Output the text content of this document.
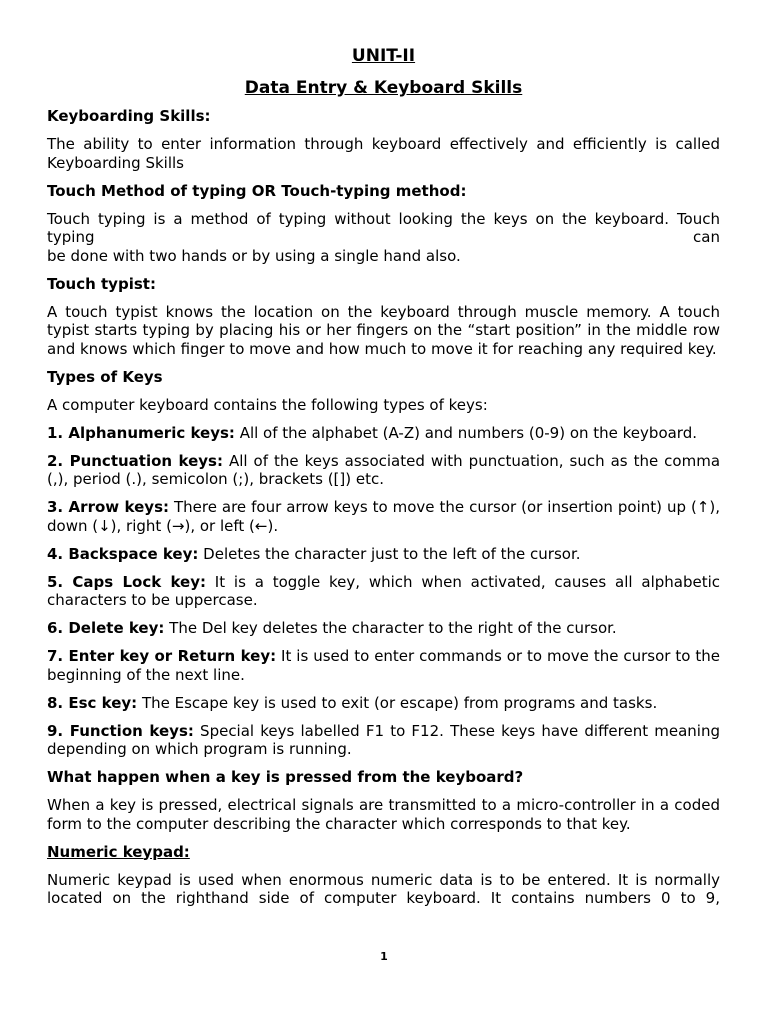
UNIT-II
Data Entry & Keyboard Skills

Keyboarding Skills:

The ability to enter information through keyboard effectively and efficiently is called Keyboarding Skills

Touch Method of typing OR Touch-typing method:

Touch typing is a method of typing without looking the keys on the keyboard. Touch

typing	can

be done with two hands or by using a single hand also.

Touch typist:

A touch typist knows the location on the keyboard through muscle memory. A touch typist starts typing by placing his or her fingers on the “start position” in the middle row and knows which finger to move and how much to move it for reaching any required key.

Types of Keys

A computer keyboard contains the following types of keys:

1. Alphanumeric keys: All of the alphabet (A-Z) and numbers (0-9) on the keyboard.

2. Punctuation keys: All of the keys associated with punctuation, such as the comma (,), period (.), semicolon (;), brackets ([]) etc.

3. Arrow keys: There are four arrow keys to move the cursor (or insertion point) up (↑), down (↓), right (→), or left (←).

4. Backspace key: Deletes the character just to the left of the cursor.

5. Caps Lock key: It is a toggle key, which when activated, causes all alphabetic characters to be uppercase.

6. Delete key: The Del key deletes the character to the right of the cursor.

7. Enter key or Return key: It is used to enter commands or to move the cursor to the beginning of the next line.

8. Esc key: The Escape key is used to exit (or escape) from programs and tasks.

9. Function keys: Special keys labelled F1 to F12. These keys have different meaning depending on which program is running.

What happen when a key is pressed from the keyboard?

When a key is pressed, electrical signals are transmitted to a micro-controller in a coded form to the computer describing the character which corresponds to that key.

Numeric keypad:

Numeric keypad is used when enormous numeric data is to be entered. It is normally located on the righthand side of computer keyboard. It contains numbers 0 to 9,

1
